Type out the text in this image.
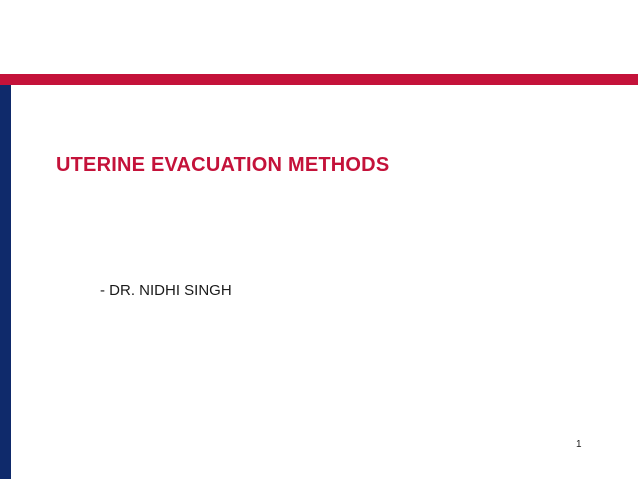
UTERINE EVACUATION METHODS
- DR. NIDHI SINGH
1
